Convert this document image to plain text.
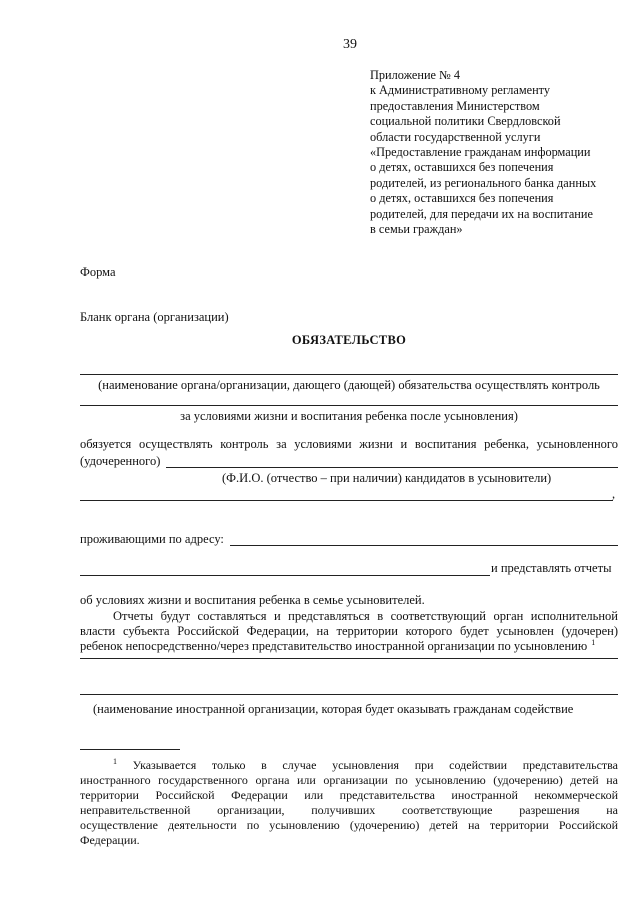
39
Приложение № 4
к Административному регламенту
предоставления Министерством
социальной политики Свердловской
области государственной услуги
«Предоставление гражданам информации
о детях, оставшихся без попечения
родителей, из регионального банка данных
о детях, оставшихся без попечения
родителей, для передачи их на воспитание
в семьи граждан»
Форма
Бланк органа (организации)
ОБЯЗАТЕЛЬСТВО
(наименование органа/организации, дающего (дающей) обязательства осуществлять контроль
за условиями жизни и воспитания ребенка после усыновления)
обязуется осуществлять контроль за условиями жизни и воспитания ребенка, усыновленного
(удочеренного)
(Ф.И.О. (отчество – при наличии) кандидатов в усыновители)
,
проживающими по адресу:
и представлять отчеты
об условиях жизни и воспитания ребенка в семье усыновителей.
Отчеты будут составляться и представляться в соответствующий орган исполнительной
власти субъекта Российской Федерации, на территории которого будет усыновлен (удочерен)
ребенок непосредственно/через представительство иностранной организации по усыновлению $^1$
(наименование иностранной организации, которая будет оказывать гражданам содействие
$^1$ Указывается только в случае усыновления при содействии представительства
иностранного государственного органа или организации по усыновлению (удочерению) детей на
территории Российской Федерации или представительства иностранной некоммерческой
неправительственной организации, получивших соответствующие разрешения на
осуществление деятельности по усыновлению (удочерению) детей на территории Российской
Федерации.
